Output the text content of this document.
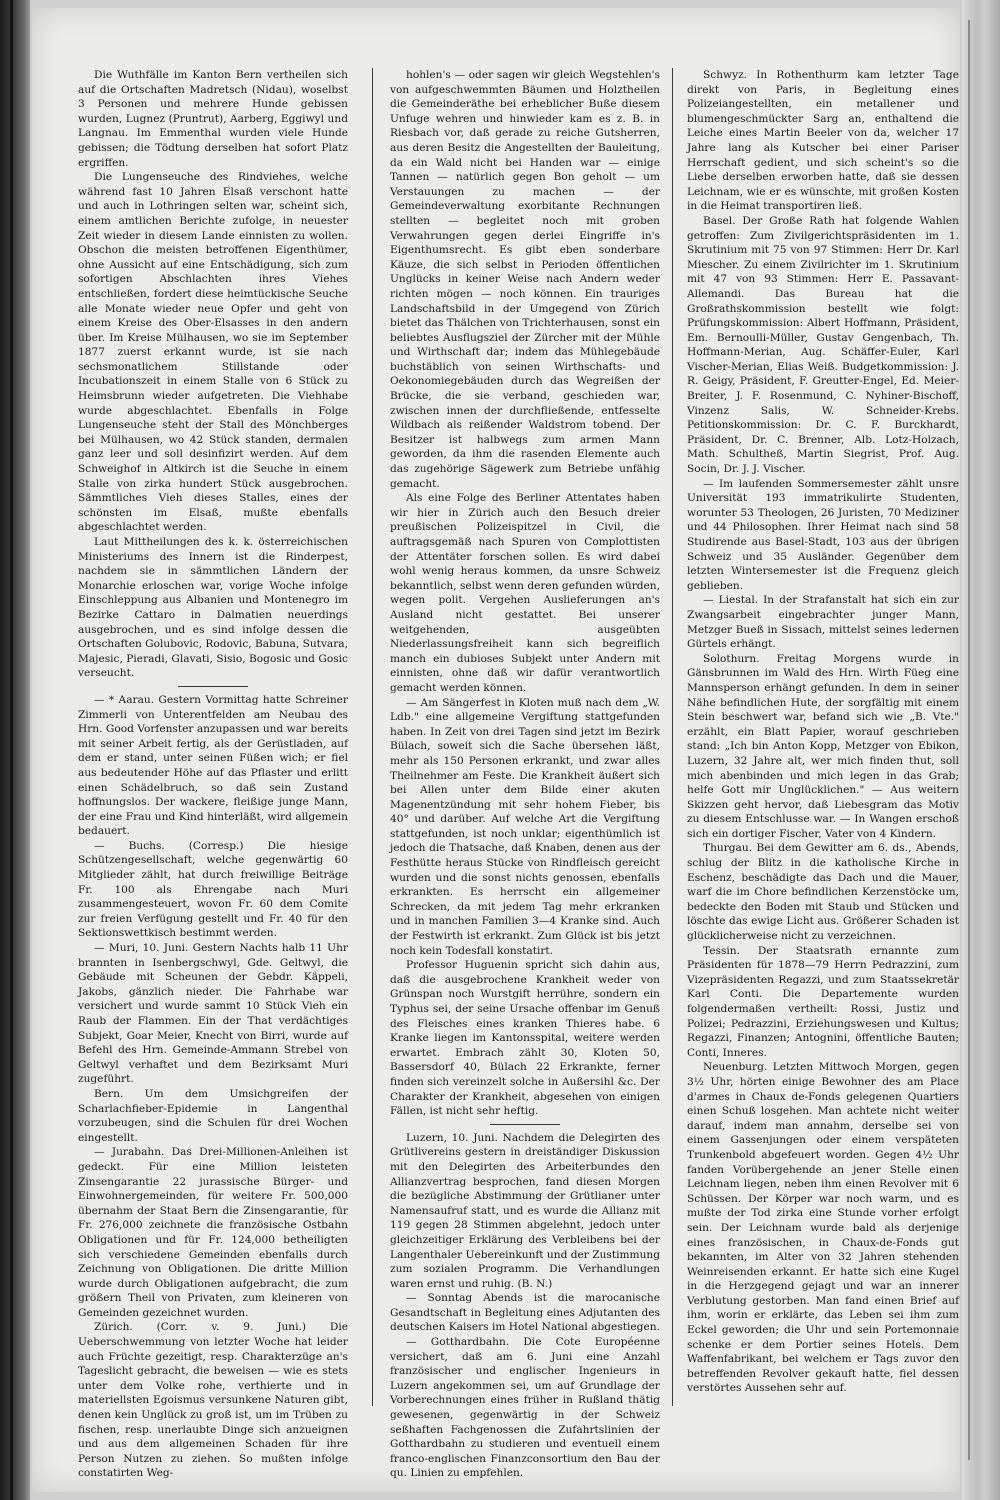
Die Wuthfälle im Kanton Bern vertheilen sich auf die Ortschaften Madretsch (Nidau), woselbst 3 Personen und mehrere Hunde gebissen wurden, Lugnez (Pruntrut), Aarberg, Eggiwyl und Langnau. Im Emmenthal wurden viele Hunde gebissen; die Tödtung derselben hat sofort Platz ergriffen.

Die Lungenseuche des Rindviehes, welche während fast 10 Jahren Elsaß verschont hatte und auch in Lothringen selten war, scheint sich, einem amtlichen Berichte zufolge, in neuester Zeit wieder in diesem Lande einnisten zu wollen. Obschon die meisten betroffenen Eigenthümer, ohne Aussicht auf eine Entschädigung, sich zum sofortigen Abschlachten ihres Viehes entschließen, fordert diese heimtückische Seuche alle Monate wieder neue Opfer und geht von einem Kreise des Ober-Elsasses in den andern über. Im Kreise Mülhausen, wo sie im September 1877 zuerst erkannt wurde, ist sie nach sechsmonatlichem Stillstande oder Incubationszeit in einem Stalle von 6 Stück zu Heimsbrunn wieder aufgetreten. Die Viehhabe wurde abgeschlachtet. Ebenfalls in Folge Lungenseuche steht der Stall des Mönchberges bei Mülhausen, wo 42 Stück standen, dermalen ganz leer und soll desinfizirt werden. Auf dem Schweighof in Altkirch ist die Seuche in einem Stalle von zirka hundert Stück ausgebrochen. Sämmtliches Vieh dieses Stalles, eines der schönsten im Elsaß, mußte ebenfalls abgeschlachtet werden.

Laut Mittheilungen des k. k. österreichischen Ministeriums des Innern ist die Rinderpest, nachdem sie in sämmtlichen Ländern der Monarchie erloschen war, vorige Woche infolge Einschleppung aus Albanien und Montenegro im Bezirke Cattaro in Dalmatien neuerdings ausgebrochen, und es sind infolge dessen die Ortschaften Golubovic, Rodovic, Babuna, Sutvara, Majesic, Pieradi, Glavati, Sisio, Bogosic und Gosic verseucht.

— * Aarau. Gestern Vormittag hatte Schreiner Zimmerli von Unterentfelden am Neubau des Hrn. Good Vorfenster anzupassen und war bereits mit seiner Arbeit fertig, als der Gerüstladen, auf dem er stand, unter seinen Füßen wich; er fiel aus bedeutender Höhe auf das Pflaster und erlitt einen Schädelbruch, so daß sein Zustand hoffnungslos. Der wackere, fleißige junge Mann, der eine Frau und Kind hinterläßt, wird allgemein bedauert.

— Buchs. (Corresp.) Die hiesige Schützengesellschaft, welche gegenwärtig 60 Mitglieder zählt, hat durch freiwillige Beiträge Fr. 100 als Ehrengabe nach Muri zusammengesteuert, wovon Fr. 60 dem Comite zur freien Verfügung gestellt und Fr. 40 für den Sektionswettkisch bestimmt werden.

— Muri, 10. Juni. Gestern Nachts halb 11 Uhr brannten in Isenbergschwyl, Gde. Geltwyl, die Gebäude mit Scheunen der Gebdr. Käppeli, Jakobs, gänzlich nieder. Die Fahrhabe war versichert und wurde sammt 10 Stück Vieh ein Raub der Flammen. Ein der That verdächtiges Subjekt, Goar Meier, Knecht von Birri, wurde auf Befehl des Hrn. Gemeinde-Ammann Strebel von Geltwyl verhaftet und dem Bezirksamt Muri zugeführt.

Bern. Um dem Umsichgreifen der Scharlachfieber-Epidemie in Langenthal vorzubeugen, sind die Schulen für drei Wochen eingestellt.

— Jurabahn. Das Drei-Millionen-Anleihen ist gedeckt. Für eine Million leisteten Zinsengarantie 22 jurassische Bürger- und Einwohnergemeinden, für weitere Fr. 500,000 übernahm der Staat Bern die Zinsengarantie, für Fr. 276,000 zeichnete die französische Ostbahn Obligationen und für Fr. 124,000 betheiligten sich verschiedene Gemeinden ebenfalls durch Zeichnung von Obligationen. Die dritte Million wurde durch Obligationen aufgebracht, die zum größern Theil von Privaten, zum kleineren von Gemeinden gezeichnet wurden.

Zürich. (Corr. v. 9. Juni.) Die Ueberschwemmung von letzter Woche hat leider auch Früchte gezeitigt, resp. Charakterzüge an's Tageslicht gebracht, die beweisen — wie es stets unter dem Volke rohe, verthierte und in materiellsten Egoismus versunkene Naturen gibt, denen kein Unglück zu groß ist, um im Trüben zu fischen, resp. unerlaubte Dinge sich anzueignen und aus dem allgemeinen Schaden für ihre Person Nutzen zu ziehen. So mußten infolge constatirten Weg-

hohlen's — oder sagen wir gleich Wegstehlen's von aufgeschwemmten Bäumen und Holztheilen die Gemeinderäthe bei erheblicher Buße diesem Unfuge wehren und hinwieder kam es z. B. in Riesbach vor, daß gerade zu reiche Gutsherren, aus deren Besitz die Angestellten der Bauleitung, da ein Wald nicht bei Handen war — einige Tannen — natürlich gegen Bon geholt — um Verstauungen zu machen — der Gemeindeverwaltung exorbitante Rechnungen stellten — begleitet noch mit groben Verwahrungen gegen derlei Eingriffe in's Eigenthumsrecht. Es gibt eben sonderbare Käuze, die sich selbst in Perioden öffentlichen Unglücks in keiner Weise nach Andern weder richten mögen — noch können. Ein trauriges Landschaftsbild in der Umgegend von Zürich bietet das Thälchen von Trichterhausen, sonst ein beliebtes Ausflugsziel der Zürcher mit der Mühle und Wirthschaft dar; indem das Mühlegebäude buchstäblich von seinen Wirthschafts- und Oekonomiegebäuden durch das Wegreißen der Brücke, die sie verband, geschieden war, zwischen innen der durchfließende, entfesselte Wildbach als reißender Waldstrom tobend. Der Besitzer ist halbwegs zum armen Mann geworden, da ihm die rasenden Elemente auch das zugehörige Sägewerk zum Betriebe unfähig gemacht.

Als eine Folge des Berliner Attentates haben wir hier in Zürich auch den Besuch dreier preußischen Polizeispitzel in Civil, die auftragsgemäß nach Spuren von Complottisten der Attentäter forschen sollen. Es wird dabei wohl wenig heraus kommen, da unsre Schweiz bekanntlich, selbst wenn deren gefunden würden, wegen polit. Vergehen Auslieferungen an's Ausland nicht gestattet. Bei unserer weitgehenden, ausgeübten Niederlassungsfreiheit kann sich begreiflich manch ein dubioses Subjekt unter Andern mit einnisten, ohne daß wir dafür verantwortlich gemacht werden können.

— Am Sängerfest in Kloten muß nach dem „W. Ldb." eine allgemeine Vergiftung stattgefunden haben. In Zeit von drei Tagen sind jetzt im Bezirk Bülach, soweit sich die Sache übersehen läßt, mehr als 150 Personen erkrankt, und zwar alles Theilnehmer am Feste. Die Krankheit äußert sich bei Allen unter dem Bilde einer akuten Magenentzündung mit sehr hohem Fieber, bis 40° und darüber. Auf welche Art die Vergiftung stattgefunden, ist noch unklar; eigenthümlich ist jedoch die Thatsache, daß Knaben, denen aus der Festhütte heraus Stücke von Rindfleisch gereicht wurden und die sonst nichts genossen, ebenfalls erkrankten. Es herrscht ein allgemeiner Schrecken, da mit jedem Tag mehr erkranken und in manchen Familien 3—4 Kranke sind. Auch der Festwirth ist erkrankt. Zum Glück ist bis jetzt noch kein Todesfall konstatirt.

Professor Huguenin spricht sich dahin aus, daß die ausgebrochene Krankheit weder von Grünspan noch Wurstgift herrühre, sondern ein Typhus sei, der seine Ursache offenbar im Genuß des Fleisches eines kranken Thieres habe. 6 Kranke liegen im Kantonsspital, weitere werden erwartet. Embrach zählt 30, Kloten 50, Bassersdorf 40, Bülach 22 Erkrankte, ferner finden sich vereinzelt solche in Außersihl &c. Der Charakter der Krankheit, abgesehen von einigen Fällen, ist nicht sehr heftig.

Luzern, 10. Juni. Nachdem die Delegirten des Grütlivereins gestern in dreiständiger Diskussion mit den Delegirten des Arbeiterbundes den Allianzvertrag besprochen, fand diesen Morgen die bezügliche Abstimmung der Grütlianer unter Namensaufruf statt, und es wurde die Allianz mit 119 gegen 28 Stimmen abgelehnt, jedoch unter gleichzeitiger Erklärung des Verbleibens bei der Langenthaler Uebereinkunft und der Zustimmung zum sozialen Programm. Die Verhandlungen waren ernst und ruhig. (B. N.)

— Sonntag Abends ist die marocanische Gesandtschaft in Begleitung eines Adjutanten des deutschen Kaisers im Hotel National abgestiegen.

— Gotthardbahn. Die Cote Européenne versichert, daß am 6. Juni eine Anzahl französischer und englischer Ingenieurs in Luzern angekommen sei, um auf Grundlage der Vorberechnungen eines früher in Rußland thätig gewesenen, gegenwärtig in der Schweiz seßhaften Fachgenossen die Zufahrtslinien der Gotthardbahn zu studieren und eventuell einem franco-englischen Finanzconsortium den Bau der qu. Linien zu empfehlen.

Schwyz. In Rothenthurm kam letzter Tage direkt von Paris, in Begleitung eines Polizeiangestellten, ein metallener und blumengeschmückter Sarg an, enthaltend die Leiche eines Martin Beeler von da, welcher 17 Jahre lang als Kutscher bei einer Pariser Herrschaft gedient, und sich scheint's so die Liebe derselben erworben hatte, daß sie dessen Leichnam, wie er es wünschte, mit großen Kosten in die Heimat transportiren ließ.

Basel. Der Große Rath hat folgende Wahlen getroffen: Zum Zivilgerichtspräsidenten im 1. Skrutinium mit 75 von 97 Stimmen: Herr Dr. Karl Miescher. Zu einem Zivilrichter im 1. Skrutinium mit 47 von 93 Stimmen: Herr E. Passavant-Allemandi. Das Bureau hat die Großrathskommission bestellt wie folgt: Prüfungskommission: Albert Hoffmann, Präsident, Em. Bernoulli-Müller, Gustav Gengenbach, Th. Hoffmann-Merian, Aug. Schäffer-Euler, Karl Vischer-Merian, Elias Weiß. Budgetkommission: J. R. Geigy, Präsident, F. Greutter-Engel, Ed. Meier-Breiter, J. F. Rosenmund, C. Nyhiner-Bischoff, Vinzenz Salis, W. Schneider-Krebs. Petitionskommission: Dr. C. F. Burckhardt, Präsident, Dr. C. Brenner, Alb. Lotz-Holzach, Math. Schultheß, Martin Siegrist, Prof. Aug. Socin, Dr. J. J. Vischer.

— Im laufenden Sommersemester zählt unsre Universität 193 immatrikulirte Studenten, worunter 53 Theologen, 26 Juristen, 70 Mediziner und 44 Philosophen. Ihrer Heimat nach sind 58 Studirende aus Basel-Stadt, 103 aus der übrigen Schweiz und 35 Ausländer. Gegenüber dem letzten Wintersemester ist die Frequenz gleich geblieben.

— Liestal. In der Strafanstalt hat sich ein zur Zwangsarbeit eingebrachter junger Mann, Metzger Bueß in Sissach, mittelst seines ledernen Gürtels erhängt.

Solothurn. Freitag Morgens wurde in Gänsbrunnen im Wald des Hrn. Wirth Füeg eine Mannsperson erhängt gefunden. In dem in seiner Nähe befindlichen Hute, der sorgfältig mit einem Stein beschwert war, befand sich wie „B. Vte." erzählt, ein Blatt Papier, worauf geschrieben stand: „Ich bin Anton Kopp, Metzger von Ebikon, Luzern, 32 Jahre alt, wer mich finden thut, soll mich abenbinden und mich legen in das Grab; helfe Gott mir Unglücklichen." — Aus weitern Skizzen geht hervor, daß Liebesgram das Motiv zu diesem Entschlusse war. — In Wangen erschoß sich ein dortiger Fischer, Vater von 4 Kindern.

Thurgau. Bei dem Gewitter am 6. ds., Abends, schlug der Blitz in die katholische Kirche in Eschenz, beschädigte das Dach und die Mauer, warf die im Chore befindlichen Kerzenstöcke um, bedeckte den Boden mit Staub und Stücken und löschte das ewige Licht aus. Größerer Schaden ist glücklicherweise nicht zu verzeichnen.

Tessin. Der Staatsrath ernannte zum Präsidenten für 1878—79 Herrn Pedrazzini, zum Vizepräsidenten Regazzi, und zum Staatssekretär Karl Conti. Die Departemente wurden folgendermaßen vertheilt: Rossi, Justiz und Polizei; Pedrazzini, Erziehungswesen und Kultus; Regazzi, Finanzen; Antognini, öffentliche Bauten; Conti, Inneres.

Neuenburg. Letzten Mittwoch Morgen, gegen 3½ Uhr, hörten einige Bewohner des am Place d'armes in Chaux de-Fonds gelegenen Quartiers einen Schuß losgehen. Man achtete nicht weiter darauf, indem man annahm, derselbe sei von einem Gassenjungen oder einem verspäteten Trunkenbold abgefeuert worden. Gegen 4½ Uhr fanden Vorübergehende an jener Stelle einen Leichnam liegen, neben ihm einen Revolver mit 6 Schüssen. Der Körper war noch warm, und es mußte der Tod zirka eine Stunde vorher erfolgt sein. Der Leichnam wurde bald als derjenige eines französischen, in Chaux-de-Fonds gut bekannten, im Alter von 32 Jahren stehenden Weinreisenden erkannt. Er hatte sich eine Kugel in die Herzgegend gejagt und war an innerer Verblutung gestorben. Man fand einen Brief auf ihm, worin er erklärte, das Leben sei ihm zum Eckel geworden; die Uhr und sein Portemonnaie schenke er dem Portier seines Hotels. Dem Waffenfabrikant, bei welchem er Tags zuvor den betreffenden Revolver gekauft hatte, fiel dessen verstörtes Aussehen sehr auf.
